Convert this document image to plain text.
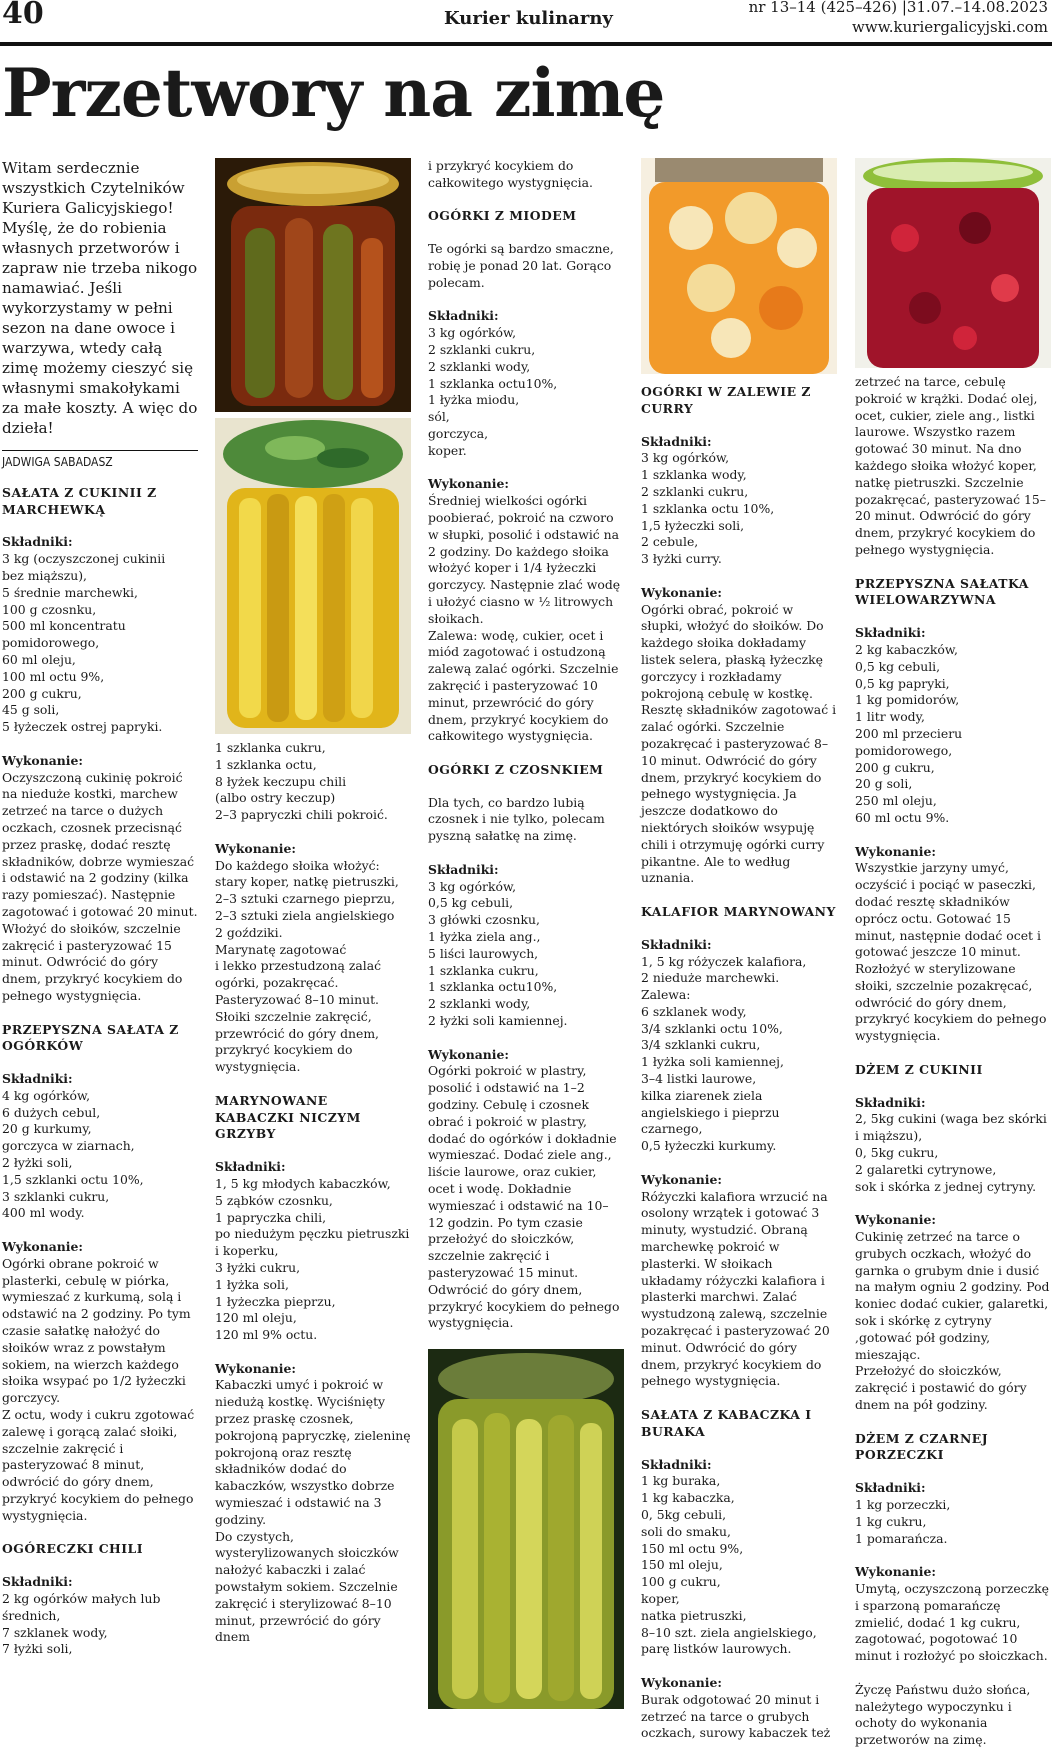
40	Kurier kulinarny
nr 13–14 (425–426) |31.07.–14.08.2023
www.kuriergalicyjski.com
Przetwory na zimę

Witam serdecznie wszystkich Czytelników Kuriera Galicyjskiego! Myślę, że do robienia własnych przetworów i zapraw nie trzeba nikogo namawiać. Jeśli wykorzystamy w pełni sezon na dane owoce i warzywa, wtedy całą zimę możemy cieszyć się własnymi smakołykami za małe koszty. A więc do dzieła!

JADWIGA SABADASZ
SAŁATA Z CUKINII Z MARCHEWKĄ

Składniki:

3 kg (oczyszczonej cukinii
bez miąższu),
5 średnie marchewki,
100 g czosnku,
500 ml koncentratu
pomidorowego,
60 ml oleju,
100 ml octu 9%,
200 g cukru,
45 g soli,
5 łyżeczek ostrej papryki.

Wykonanie:

Oczyszczoną cukinię pokroić na nieduże kostki, marchew zetrzeć na tarce o dużych oczkach, czosnek przecisnąć przez praskę, dodać resztę składników, dobrze wymieszać i odstawić na 2 godziny (kilka razy pomieszać). Następnie zagotować i gotować 20 minut. Włożyć do słoików, szczelnie zakręcić i pasteryzować 15 minut. Odwrócić do góry dnem, przykryć kocykiem do pełnego wystygnięcia.

PRZEPYSZNA SAŁATA Z OGÓRKÓW

Składniki:

4 kg ogórków,
6 dużych cebul,
20 g kurkumy,
gorczyca w ziarnach,
2 łyżki soli,
1,5 szklanki octu 10%,
3 szklanki cukru,
400 ml wody.

Wykonanie:

Ogórki obrane pokroić w plasterki, cebulę w piórka, wymieszać z kurkumą, solą i odstawić na 2 godziny. Po tym czasie sałatkę nałożyć do słoików wraz z powstałym sokiem, na wierzch każdego słoika wsypać po 1/2 łyżeczki gorczycy.
Z octu, wody i cukru zgotować zalewę i gorącą zalać słoiki, szczelnie zakręcić i pasteryzować 8 minut, odwrócić do góry dnem, przykryć kocykiem do pełnego wystygnięcia.

OGÓRECZKI CHILI

Składniki:

2 kg ogórków małych lub
średnich,
7 szklanek wody,
7 łyżki soli,

1 szklanka cukru,
1 szklanka octu,
8 łyżek keczupu chili
(albo ostry keczup)
2–3 papryczki chili pokroić.

Wykonanie:

Do każdego słoika włożyć: stary koper, natkę pietruszki, 2–3 sztuki czarnego pieprzu, 2–3 sztuki ziela angielskiego
2 goździki.
Marynatę zagotować
i lekko przestudzoną zalać ogórki, pozakręcać.
Pasteryzować 8–10 minut.
Słoiki szczelnie zakręcić, przewrócić do góry dnem, przykryć kocykiem do wystygnięcia.

MARYNOWANE KABACZKI NICZYM GRZYBY

Składniki:

1, 5 kg młodych kabaczków,
5 ząbków czosnku,
1 papryczka chili,
po niedużym pęczku pietruszki
i koperku,
3 łyżki cukru,
1 łyżka soli,
1 łyżeczka pieprzu,
120 ml oleju,
120 ml 9% octu.

Wykonanie:

Kabaczki umyć i pokroić w niedużą kostkę. Wyciśnięty przez praskę czosnek, pokrojoną papryczkę, zieleninę pokrojoną oraz resztę składników dodać do kabaczków, wszystko dobrze wymieszać i odstawić na 3 godziny.
Do czystych, wysterylizowanych słoiczków nałożyć kabaczki i zalać powstałym sokiem. Szczelnie zakręcić i sterylizować 8–10 minut, przewrócić do góry dnem

i przykryć kocykiem do całkowitego wystygnięcia.

OGÓRKI Z MIODEM

Te ogórki są bardzo smaczne, robię je ponad 20 lat. Gorąco polecam.

Składniki:

3 kg ogórków,
2 szklanki cukru,
2 szklanki wody,
1 szklanka octu10%,
1 łyżka miodu,
sól,
gorczyca,
koper.

Wykonanie:

Średniej wielkości ogórki poobierać, pokroić na czworo w słupki, posolić i odstawić na 2 godziny. Do każdego słoika włożyć koper i 1/4 łyżeczki gorczycy. Następnie zlać wodę i ułożyć ciasno w ½ litrowych słoikach.
Zalewa: wodę, cukier, ocet i miód zagotować i ostudzoną zalewą zalać ogórki. Szczelnie zakręcić i pasteryzować 10 minut, przewrócić do góry dnem, przykryć kocykiem do całkowitego wystygnięcia.

OGÓRKI Z CZOSNKIEM

Dla tych, co bardzo lubią czosnek i nie tylko, polecam pyszną sałatkę na zimę.

Składniki:

3 kg ogórków,
0,5 kg cebuli,
3 główki czosnku,
1 łyżka ziela ang.,
5 liści laurowych,
1 szklanka cukru,
1 szklanka octu10%,
2 szklanki wody,
2 łyżki soli kamiennej.

Wykonanie:

Ogórki pokroić w plastry, posolić i odstawić na 1–2 godziny. Cebulę i czosnek obrać i pokroić w plastry, dodać do ogórków i dokładnie wymieszać. Dodać ziele ang., liście laurowe, oraz cukier, ocet i wodę. Dokładnie wymieszać i odstawić na 10–12 godzin. Po tym czasie przełożyć do słoiczków, szczelnie zakręcić i pasteryzować 15 minut. Odwrócić do góry dnem, przykryć kocykiem do pełnego wystygnięcia.

OGÓRKI W ZALEWIE Z CURRY

Składniki:

3 kg ogórków,
1 szklanka wody,
2 szklanki cukru,
1 szklanka octu 10%,
1,5 łyżeczki soli,
2 cebule,
3 łyżki curry.

Wykonanie:

Ogórki obrać, pokroić w słupki, włożyć do słoików. Do każdego słoika dokładamy listek selera, płaską łyżeczkę gorczycy i rozkładamy pokrojoną cebulę w kostkę. Resztę składników zagotować i zalać ogórki. Szczelnie pozakręcać i pasteryzować 8–10 minut. Odwrócić do góry dnem, przykryć kocykiem do pełnego wystygnięcia. Ja jeszcze dodatkowo do niektórych słoików wsypuję chili i otrzymuję ogórki curry pikantne. Ale to według uznania.

KALAFIOR MARYNOWANY

Składniki:

1, 5 kg różyczek kalafiora,
2 nieduże marchewki.
Zalewa:
6 szklanek wody,
3/4 szklanki octu 10%,
3/4 szklanki cukru,
1 łyżka soli kamiennej,
3–4 listki laurowe,
kilka ziarenek ziela angielskiego i pieprzu czarnego,
0,5 łyżeczki kurkumy.

Wykonanie:

Różyczki kalafiora wrzucić na osolony wrzątek i gotować 3 minuty, wystudzić. Obraną marchewkę pokroić w plasterki. W słoikach układamy różyczki kalafiora i plasterki marchwi. Zalać wystudzoną zalewą, szczelnie pozakręcać i pasteryzować 20 minut. Odwrócić do góry dnem, przykryć kocykiem do pełnego wystygnięcia.

SAŁATA Z KABACZKA I BURAKA

Składniki:

1 kg buraka,
1 kg kabaczka,
0, 5kg cebuli,
soli do smaku,
150 ml octu 9%,
150 ml oleju,
100 g cukru,
koper,
natka pietruszki,
8–10 szt. ziela angielskiego,
parę listków laurowych.

Wykonanie:

Burak odgotować 20 minut i zetrzeć na tarce o grubych oczkach, surowy kabaczek też

zetrzeć na tarce, cebulę pokroić w krążki. Dodać olej, ocet, cukier, ziele ang., listki laurowe. Wszystko razem gotować 30 minut. Na dno każdego słoika włożyć koper, natkę pietruszki. Szczelnie pozakręcać, pasteryzować 15–20 minut. Odwrócić do góry dnem, przykryć kocykiem do pełnego wystygnięcia.

PRZEPYSZNA SAŁATKA WIELOWARZYWNA

Składniki:

2 kg kabaczków,
0,5 kg cebuli,
0,5 kg papryki,
1 kg pomidorów,
1 litr wody,
200 ml przecieru pomidorowego,
200 g cukru,
20 g soli,
250 ml oleju,
60 ml octu 9%.

Wykonanie:

Wszystkie jarzyny umyć, oczyścić i pociąć w paseczki, dodać resztę składników oprócz octu. Gotować 15 minut, następnie dodać ocet i gotować jeszcze 10 minut. Rozłożyć w sterylizowane słoiki, szczelnie pozakręcać, odwrócić do góry dnem, przykryć kocykiem do pełnego wystygnięcia.

DŻEM Z CUKINII

Składniki:

2, 5kg cukini (waga bez skórki i miąższu),
0, 5kg cukru,
2 galaretki cytrynowe,
sok i skórka z jednej cytryny.

Wykonanie:

Cukinię zetrzeć na tarce o grubych oczkach, włożyć do garnka o grubym dnie i dusić na małym ogniu 2 godziny. Pod koniec dodać cukier, galaretki, sok i skórkę z cytryny ,gotować pół godziny, mieszając.
Przełożyć do słoiczków, zakręcić i postawić do góry dnem na pół godziny.

DŻEM Z CZARNEJ PORZECZKI

Składniki:

1 kg porzeczki,
1 kg cukru,
1 pomarańcza.

Wykonanie:

Umytą, oczyszczoną porzeczkę i sparzoną pomarańczę zmielić, dodać 1 kg cukru, zagotować, pogotować 10 minut i rozłożyć po słoiczkach.

Życzę Państwu dużo słońca, należytego wypoczynku i ochoty do wykonania przetworów na zimę.
